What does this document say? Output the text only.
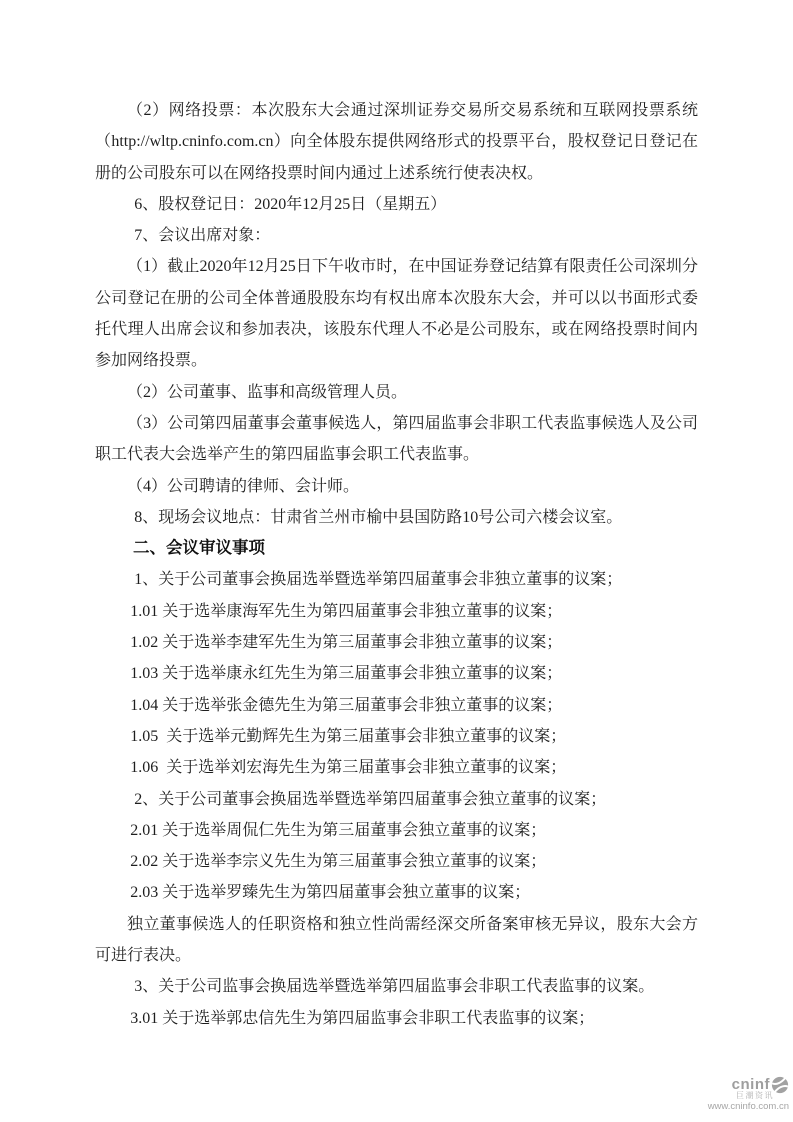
（2）网络投票：本次股东大会通过深圳证券交易所交易系统和互联网投票系统（http://wltp.cninfo.com.cn）向全体股东提供网络形式的投票平台，股权登记日登记在册的公司股东可以在网络投票时间内通过上述系统行使表决权。

6、股权登记日：2020年12月25日（星期五）

7、会议出席对象：

（1）截止2020年12月25日下午收市时，在中国证券登记结算有限责任公司深圳分公司登记在册的公司全体普通股股东均有权出席本次股东大会，并可以以书面形式委托代理人出席会议和参加表决，该股东代理人不必是公司股东，或在网络投票时间内参加网络投票。

（2）公司董事、监事和高级管理人员。

（3）公司第四届董事会董事候选人，第四届监事会非职工代表监事候选人及公司职工代表大会选举产生的第四届监事会职工代表监事。

（4）公司聘请的律师、会计师。

8、现场会议地点：甘肃省兰州市榆中县国防路10号公司六楼会议室。

二、会议审议事项

1、关于公司董事会换届选举暨选举第四届董事会非独立董事的议案；

1.01 关于选举康海军先生为第四届董事会非独立董事的议案；

1.02 关于选举李建军先生为第三届董事会非独立董事的议案；

1.03 关于选举康永红先生为第三届董事会非独立董事的议案；

1.04 关于选举张金德先生为第三届董事会非独立董事的议案；

1.05  关于选举元勤辉先生为第三届董事会非独立董事的议案；

1.06  关于选举刘宏海先生为第三届董事会非独立董事的议案；

2、关于公司董事会换届选举暨选举第四届董事会独立董事的议案；

2.01 关于选举周侃仁先生为第三届董事会独立董事的议案；

2.02 关于选举李宗义先生为第三届董事会独立董事的议案；

2.03 关于选举罗臻先生为第四届董事会独立董事的议案；

独立董事候选人的任职资格和独立性尚需经深交所备案审核无异议，股东大会方可进行表决。

3、关于公司监事会换届选举暨选举第四届监事会非职工代表监事的议案。

3.01 关于选举郭忠信先生为第四届监事会非职工代表监事的议案；

cninf
巨潮资讯
www.cninfo.com.cn
